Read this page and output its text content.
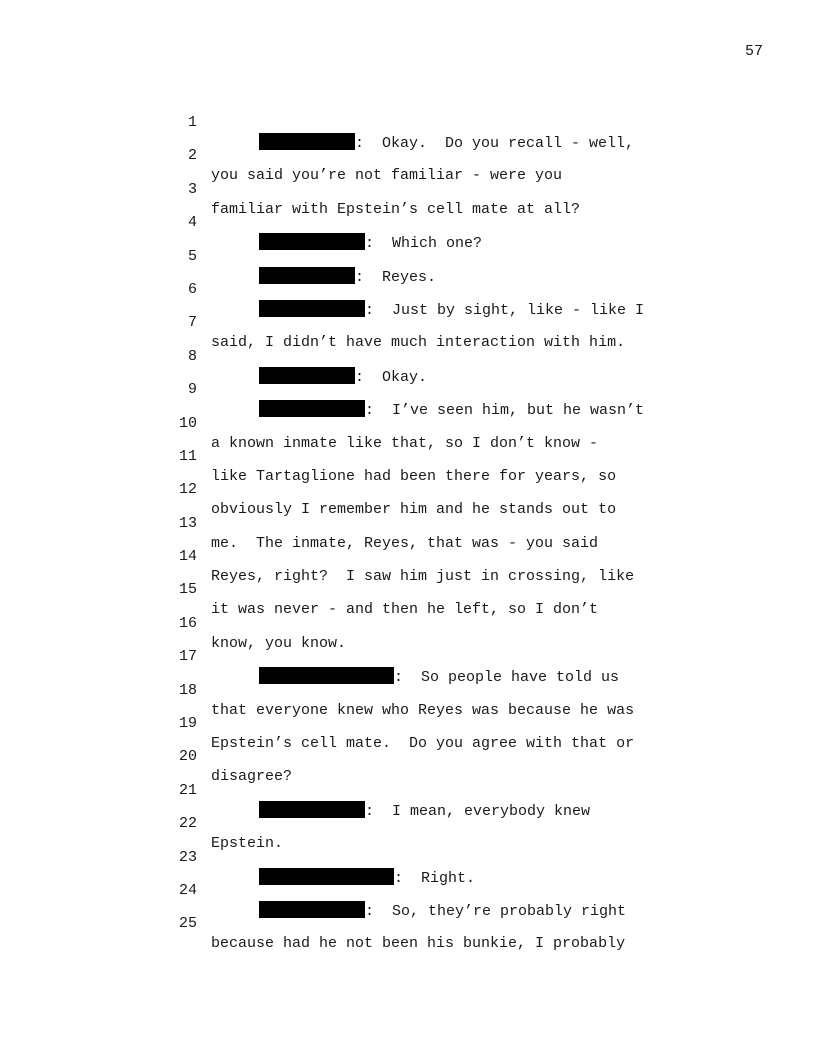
57

1

:  Okay.  Do you recall - well,

2

you said you’re not familiar - were you

3

familiar with Epstein’s cell mate at all?

4

:  Which one?

5

:  Reyes.

6

:  Just by sight, like - like I

7

said, I didn’t have much interaction with him.

8

:  Okay.

9

:  I’ve seen him, but he wasn’t

10

a known inmate like that, so I don’t know -

11

like Tartaglione had been there for years, so

12

obviously I remember him and he stands out to

13

me.  The inmate, Reyes, that was - you said

14

Reyes, right?  I saw him just in crossing, like

15

it was never - and then he left, so I don’t

16

know, you know.

17

:  So people have told us

18

that everyone knew who Reyes was because he was

19

Epstein’s cell mate.  Do you agree with that or

20

disagree?

21

:  I mean, everybody knew

22

Epstein.

23

:  Right.

24

:  So, they’re probably right

25

because had he not been his bunkie, I probably
